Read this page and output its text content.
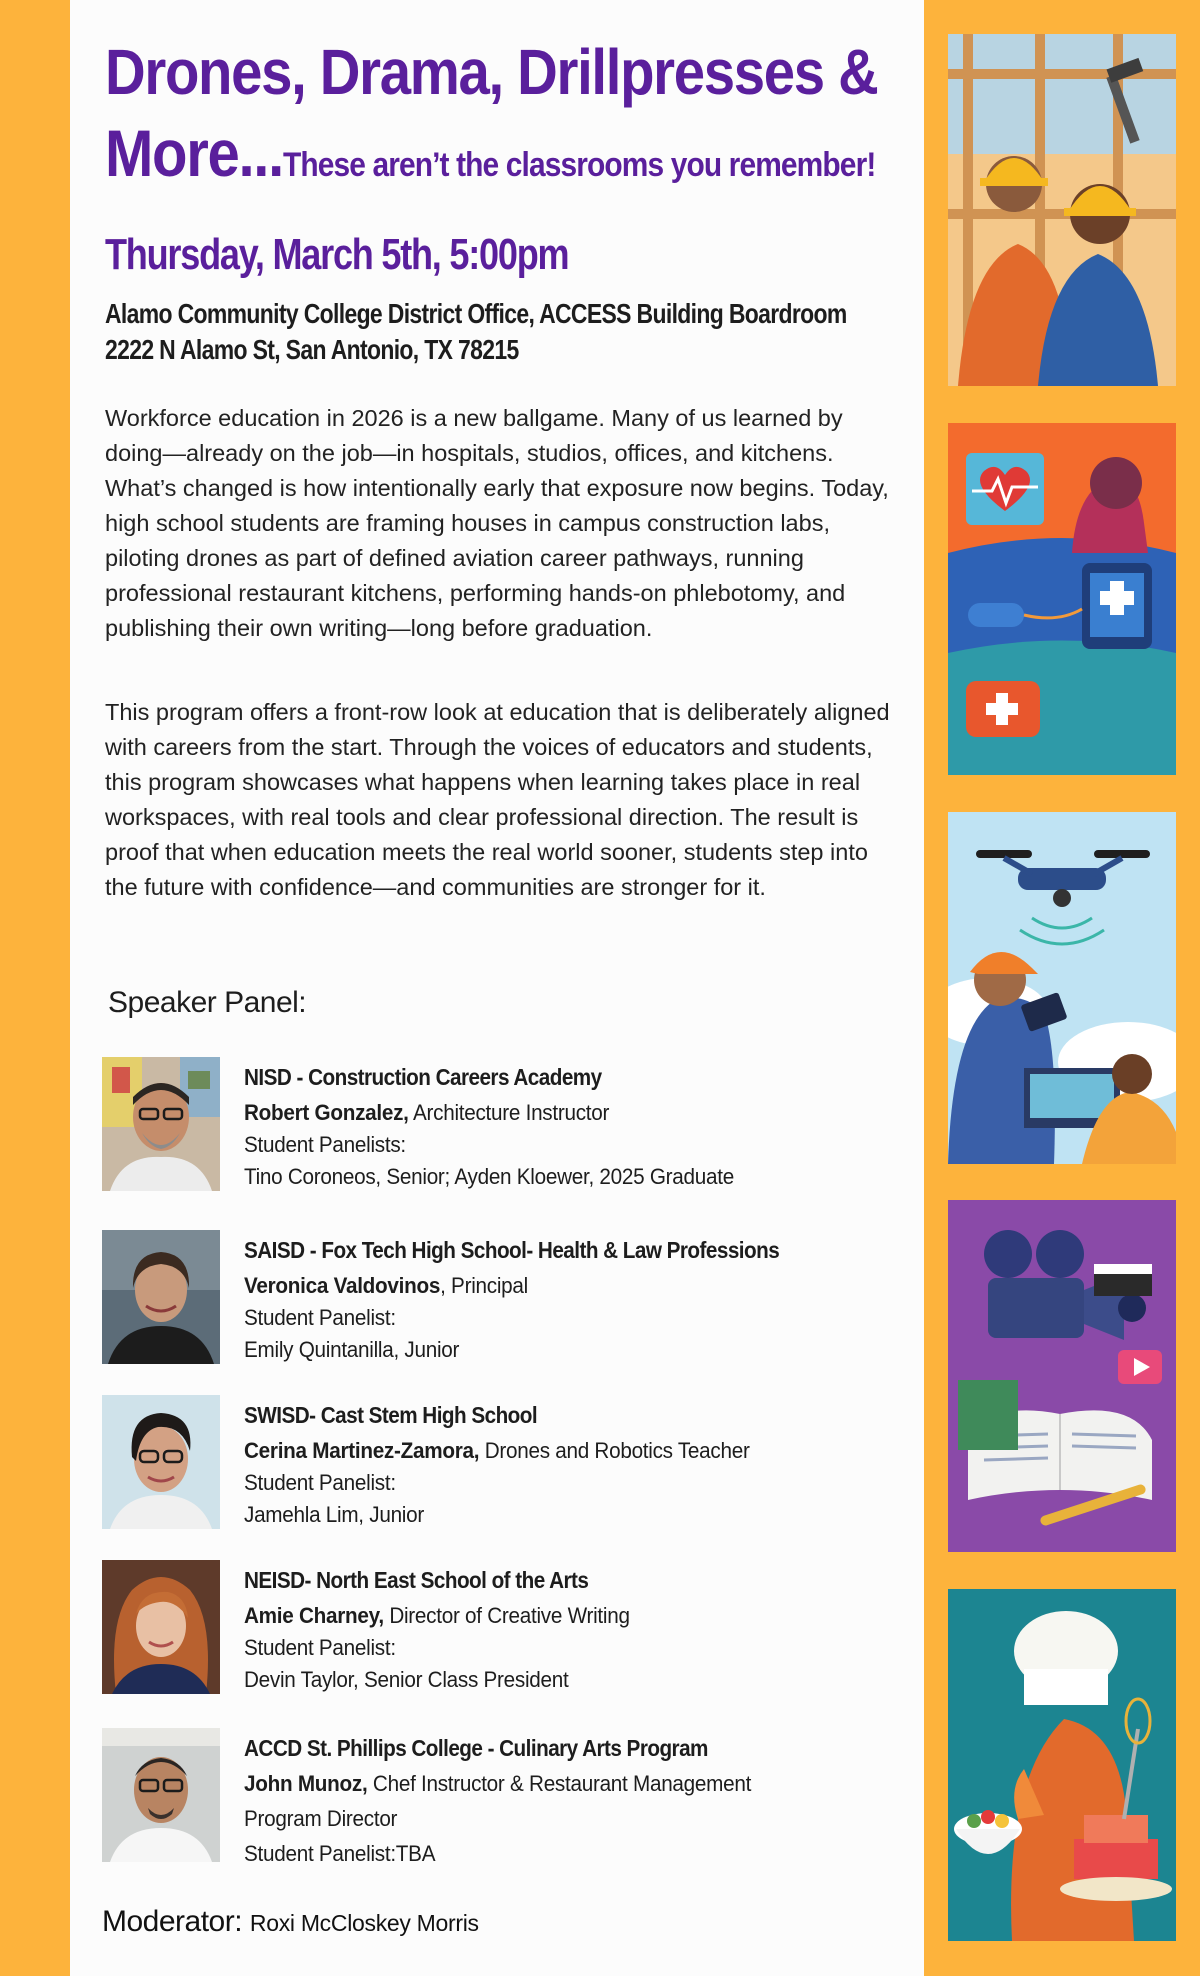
Drones, Drama, Drillpresses &
More...These aren’t the classrooms you remember!
Thursday, March 5th, 5:00pm
Alamo Community College District Office, ACCESS Building Boardroom
2222 N Alamo St, San Antonio, TX 78215

Workforce education in 2026 is a new ballgame. Many of us learned by doing—already on the job—in hospitals, studios, offices, and kitchens. What’s changed is how intentionally early that exposure now begins. Today, high school students are framing houses in campus construction labs, piloting drones as part of defined aviation career pathways, running professional restaurant kitchens, performing hands-on phlebotomy, and publishing their own writing—long before graduation.

This program offers a front-row look at education that is deliberately aligned with careers from the start. Through the voices of educators and students, this program showcases what happens when learning takes place in real workspaces, with real tools and clear professional direction. The result is proof that when education meets the real world sooner, students step into the future with confidence—and communities are stronger for it.

Speaker Panel:
NISD - Construction Careers Academy
Robert Gonzalez, Architecture Instructor
Student Panelists:
Tino Coroneos, Senior; Ayden Kloewer, 2025 Graduate
SAISD - Fox Tech High School- Health & Law Professions
Veronica Valdovinos, Principal
Student Panelist:
Emily Quintanilla, Junior
SWISD- Cast Stem High School
Cerina Martinez-Zamora, Drones and Robotics Teacher
Student Panelist:
Jamehla Lim, Junior
NEISD- North East School of the Arts
Amie Charney, Director of Creative Writing
Student Panelist:
Devin Taylor, Senior Class President
ACCD St. Phillips College - Culinary Arts Program
John Munoz, Chef Instructor & Restaurant Management
Program Director
Student Panelist:TBA
Moderator: Roxi McCloskey Morris
